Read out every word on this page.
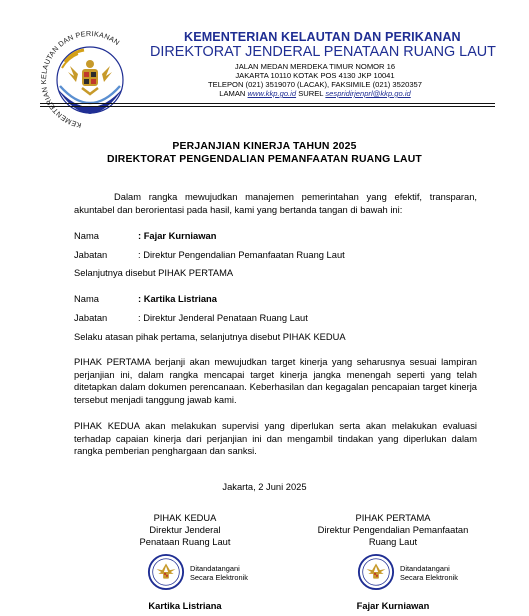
KEMENTERIAN KELAUTAN DAN PERIKANAN	KEMENTERIAN KELAUTAN DAN PERIKANAN
DIREKTORAT JENDERAL PENATAAN RUANG LAUT
JALAN MEDAN MERDEKA TIMUR NOMOR 16
JAKARTA 10110 KOTAK POS 4130 JKP 10041
TELEPON (021) 3519070 (LACAK), FAKSIMILE (021) 3520357
LAMAN www.kkp.go.id SUREL sespridirjenprl@kkp.go.id
PERJANJIAN KINERJA TAHUN 2025
DIREKTORAT PENGENDALIAN PEMANFAATAN RUANG LAUT
Dalam rangka mewujudkan manajemen pemerintahan yang efektif, transparan, akuntabel dan berorientasi pada hasil, kami yang bertanda tangan di bawah ini:
Nama	: Fajar Kurniawan
Jabatan	: Direktur Pengendalian Pemanfaatan Ruang Laut
Selanjutnya disebut PIHAK PERTAMA
Nama	: Kartika Listriana
Jabatan	: Direktur Jenderal Penataan Ruang Laut
Selaku atasan pihak pertama, selanjutnya disebut PIHAK KEDUA
PIHAK PERTAMA berjanji akan mewujudkan target kinerja yang seharusnya sesuai lampiran perjanjian ini, dalam rangka mencapai target kinerja jangka menengah seperti yang telah ditetapkan dalam dokumen perencanaan. Keberhasilan dan kegagalan pencapaian target kinerja tersebut menjadi tanggung jawab kami.
PIHAK KEDUA akan melakukan supervisi yang diperlukan serta akan melakukan evaluasi terhadap capaian kinerja dari perjanjian ini dan mengambil tindakan yang diperlukan dalam rangka pemberian penghargaan dan sanksi.
Jakarta, 2 Juni 2025
PIHAK KEDUA
Direktur Jenderal
Penataan Ruang Laut
Ditandatangani
Secara Elektronik
Kartika Listriana
PIHAK PERTAMA
Direktur Pengendalian Pemanfaatan
Ruang Laut
Ditandatangani
Secara Elektronik
Fajar Kurniawan
